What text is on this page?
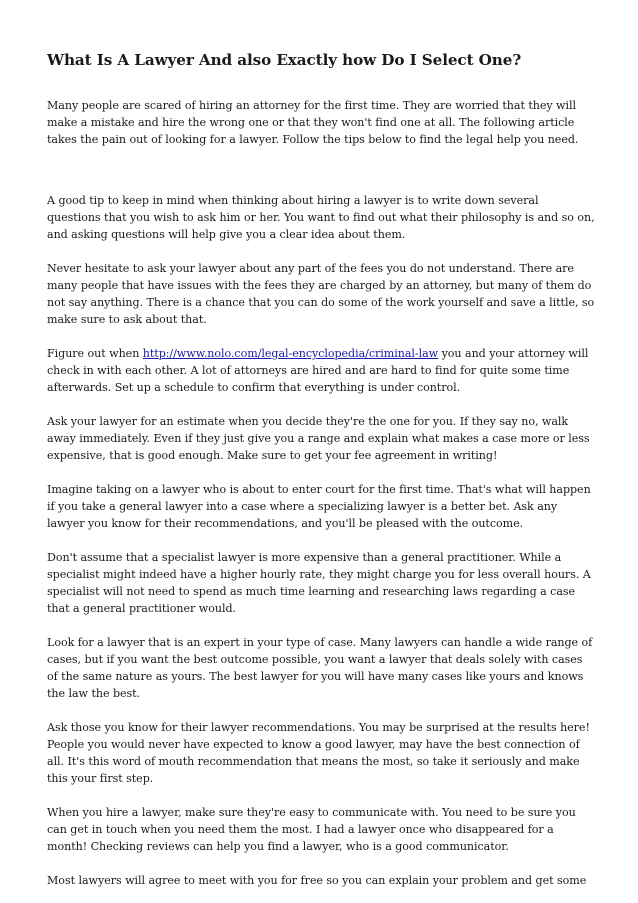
What Is A Lawyer And also Exactly how Do I Select One?

Many people are scared of hiring an attorney for the first time. They are worried that they will make a mistake and hire the wrong one or that they won't find one at all. The following article takes the pain out of looking for a lawyer. Follow the tips below to find the legal help you need.

A good tip to keep in mind when thinking about hiring a lawyer is to write down several questions that you wish to ask him or her. You want to find out what their philosophy is and so on, and asking questions will help give you a clear idea about them.

Never hesitate to ask your lawyer about any part of the fees you do not understand. There are many people that have issues with the fees they are charged by an attorney, but many of them do not say anything. There is a chance that you can do some of the work yourself and save a little, so make sure to ask about that.

Figure out when http://www.nolo.com/legal-encyclopedia/criminal-law you and your attorney will check in with each other. A lot of attorneys are hired and are hard to find for quite some time afterwards. Set up a schedule to confirm that everything is under control.

Ask your lawyer for an estimate when you decide they're the one for you. If they say no, walk away immediately. Even if they just give you a range and explain what makes a case more or less expensive, that is good enough. Make sure to get your fee agreement in writing!

Imagine taking on a lawyer who is about to enter court for the first time. That's what will happen if you take a general lawyer into a case where a specializing lawyer is a better bet. Ask any lawyer you know for their recommendations, and you'll be pleased with the outcome.

Don't assume that a specialist lawyer is more expensive than a general practitioner. While a specialist might indeed have a higher hourly rate, they might charge you for less overall hours. A specialist will not need to spend as much time learning and researching laws regarding a case that a general practitioner would.

Look for a lawyer that is an expert in your type of case. Many lawyers can handle a wide range of cases, but if you want the best outcome possible, you want a lawyer that deals solely with cases of the same nature as yours. The best lawyer for you will have many cases like yours and knows the law the best.

Ask those you know for their lawyer recommendations. You may be surprised at the results here! People you would never have expected to know a good lawyer, may have the best connection of all. It's this word of mouth recommendation that means the most, so take it seriously and make this your first step.

When you hire a lawyer, make sure they're easy to communicate with. You need to be sure you can get in touch when you need them the most. I had a lawyer once who disappeared for a month! Checking reviews can help you find a lawyer, who is a good communicator.

Most lawyers will agree to meet with you for free so you can explain your problem and get some
